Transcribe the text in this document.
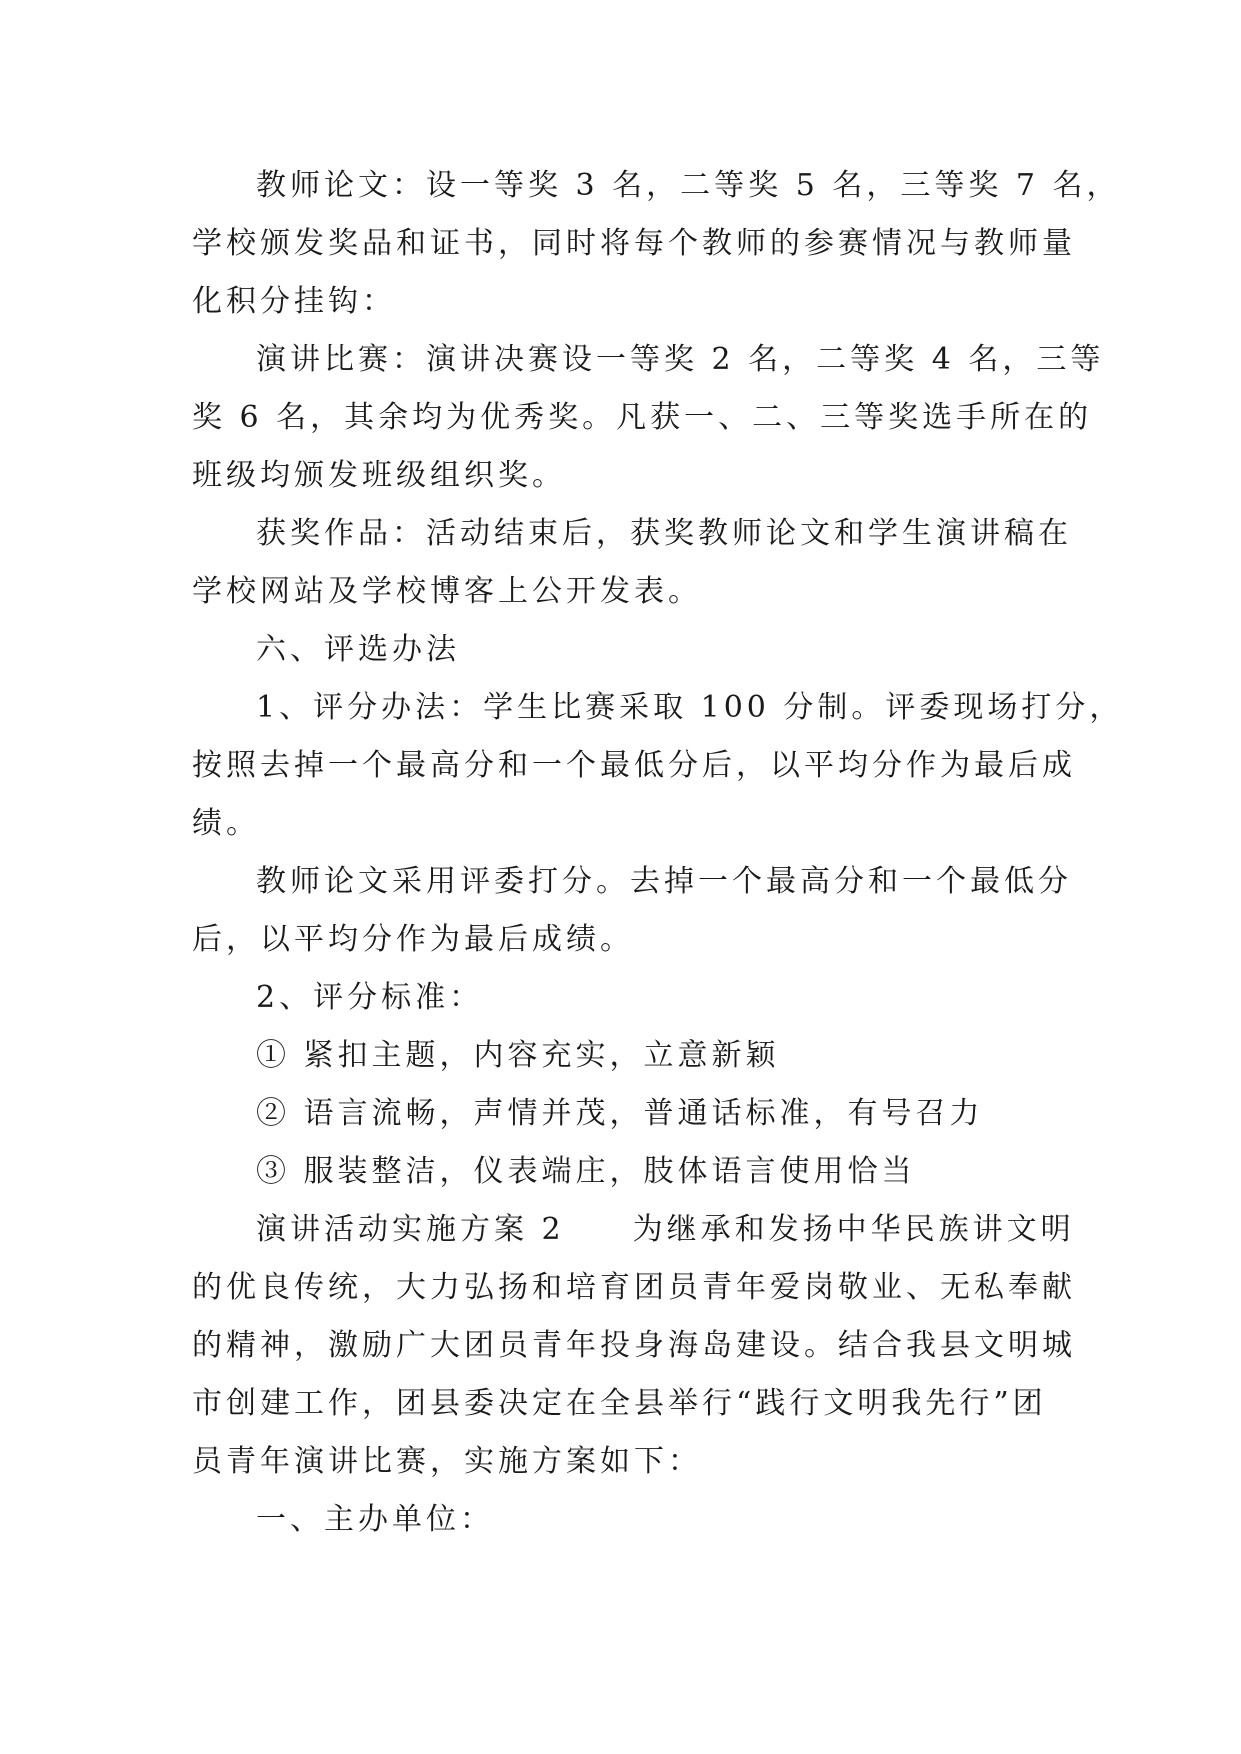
教师论文：设一等奖 3 名，二等奖 5 名，三等奖 7 名，
学校颁发奖品和证书，同时将每个教师的参赛情况与教师量
化积分挂钩：
演讲比赛：演讲决赛设一等奖 2 名，二等奖 4 名，三等
奖 6 名，其余均为优秀奖。凡获一、二、三等奖选手所在的
班级均颁发班级组织奖。
获奖作品：活动结束后，获奖教师论文和学生演讲稿在
学校网站及学校博客上公开发表。
六、评选办法
1、评分办法：学生比赛采取 100 分制。评委现场打分，
按照去掉一个最高分和一个最低分后，以平均分作为最后成
绩。
教师论文采用评委打分。去掉一个最高分和一个最低分
后，以平均分作为最后成绩。
2、评分标准：
① 紧扣主题，内容充实，立意新颖
② 语言流畅，声情并茂，普通话标准，有号召力
③ 服装整洁，仪表端庄，肢体语言使用恰当
演讲活动实施方案 2　　为继承和发扬中华民族讲文明
的优良传统，大力弘扬和培育团员青年爱岗敬业、无私奉献
的精神，激励广大团员青年投身海岛建设。结合我县文明城
市创建工作，团县委决定在全县举行“践行文明我先行”团
员青年演讲比赛，实施方案如下：
一、主办单位：
